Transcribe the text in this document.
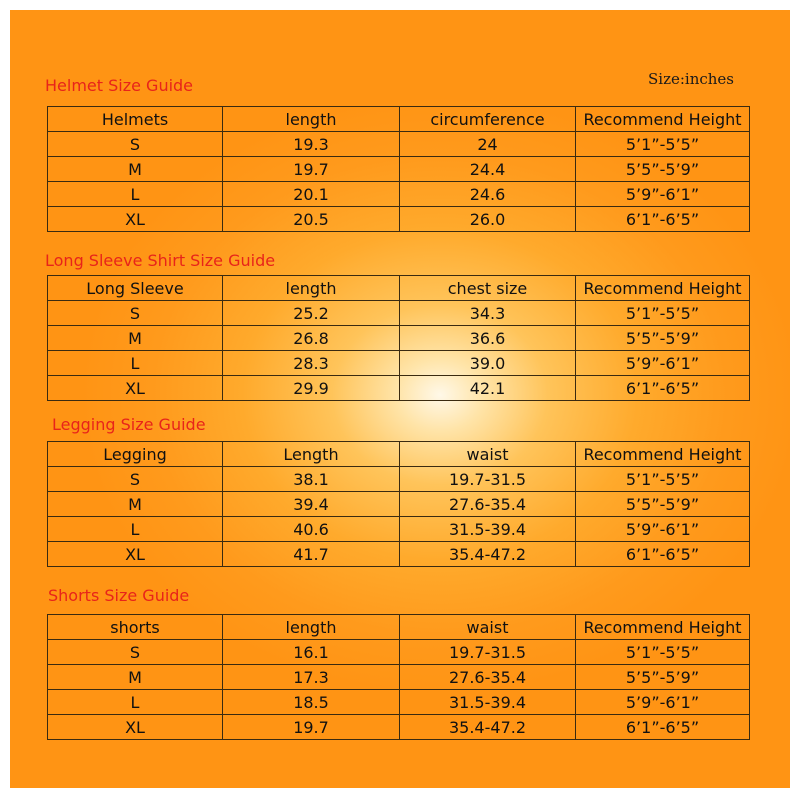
Size:inches
Helmet Size Guide
Helmets	length	circumference	Recommend Height
S	19.3	24	5’1”-5’5”
M	19.7	24.4	5’5”-5’9”
L	20.1	24.6	5’9”-6’1”
XL	20.5	26.0	6’1”-6’5”
Long Sleeve Shirt Size Guide
Long Sleeve	length	chest size	Recommend Height
S	25.2	34.3	5’1”-5’5”
M	26.8	36.6	5’5”-5’9”
L	28.3	39.0	5’9”-6’1”
XL	29.9	42.1	6’1”-6’5”
Legging Size Guide
Legging	Length	waist	Recommend Height
S	38.1	19.7-31.5	5’1”-5’5”
M	39.4	27.6-35.4	5’5”-5’9”
L	40.6	31.5-39.4	5’9”-6’1”
XL	41.7	35.4-47.2	6’1”-6’5”
Shorts Size Guide
shorts	length	waist	Recommend Height
S	16.1	19.7-31.5	5’1”-5’5”
M	17.3	27.6-35.4	5’5”-5’9”
L	18.5	31.5-39.4	5’9”-6’1”
XL	19.7	35.4-47.2	6’1”-6’5”
